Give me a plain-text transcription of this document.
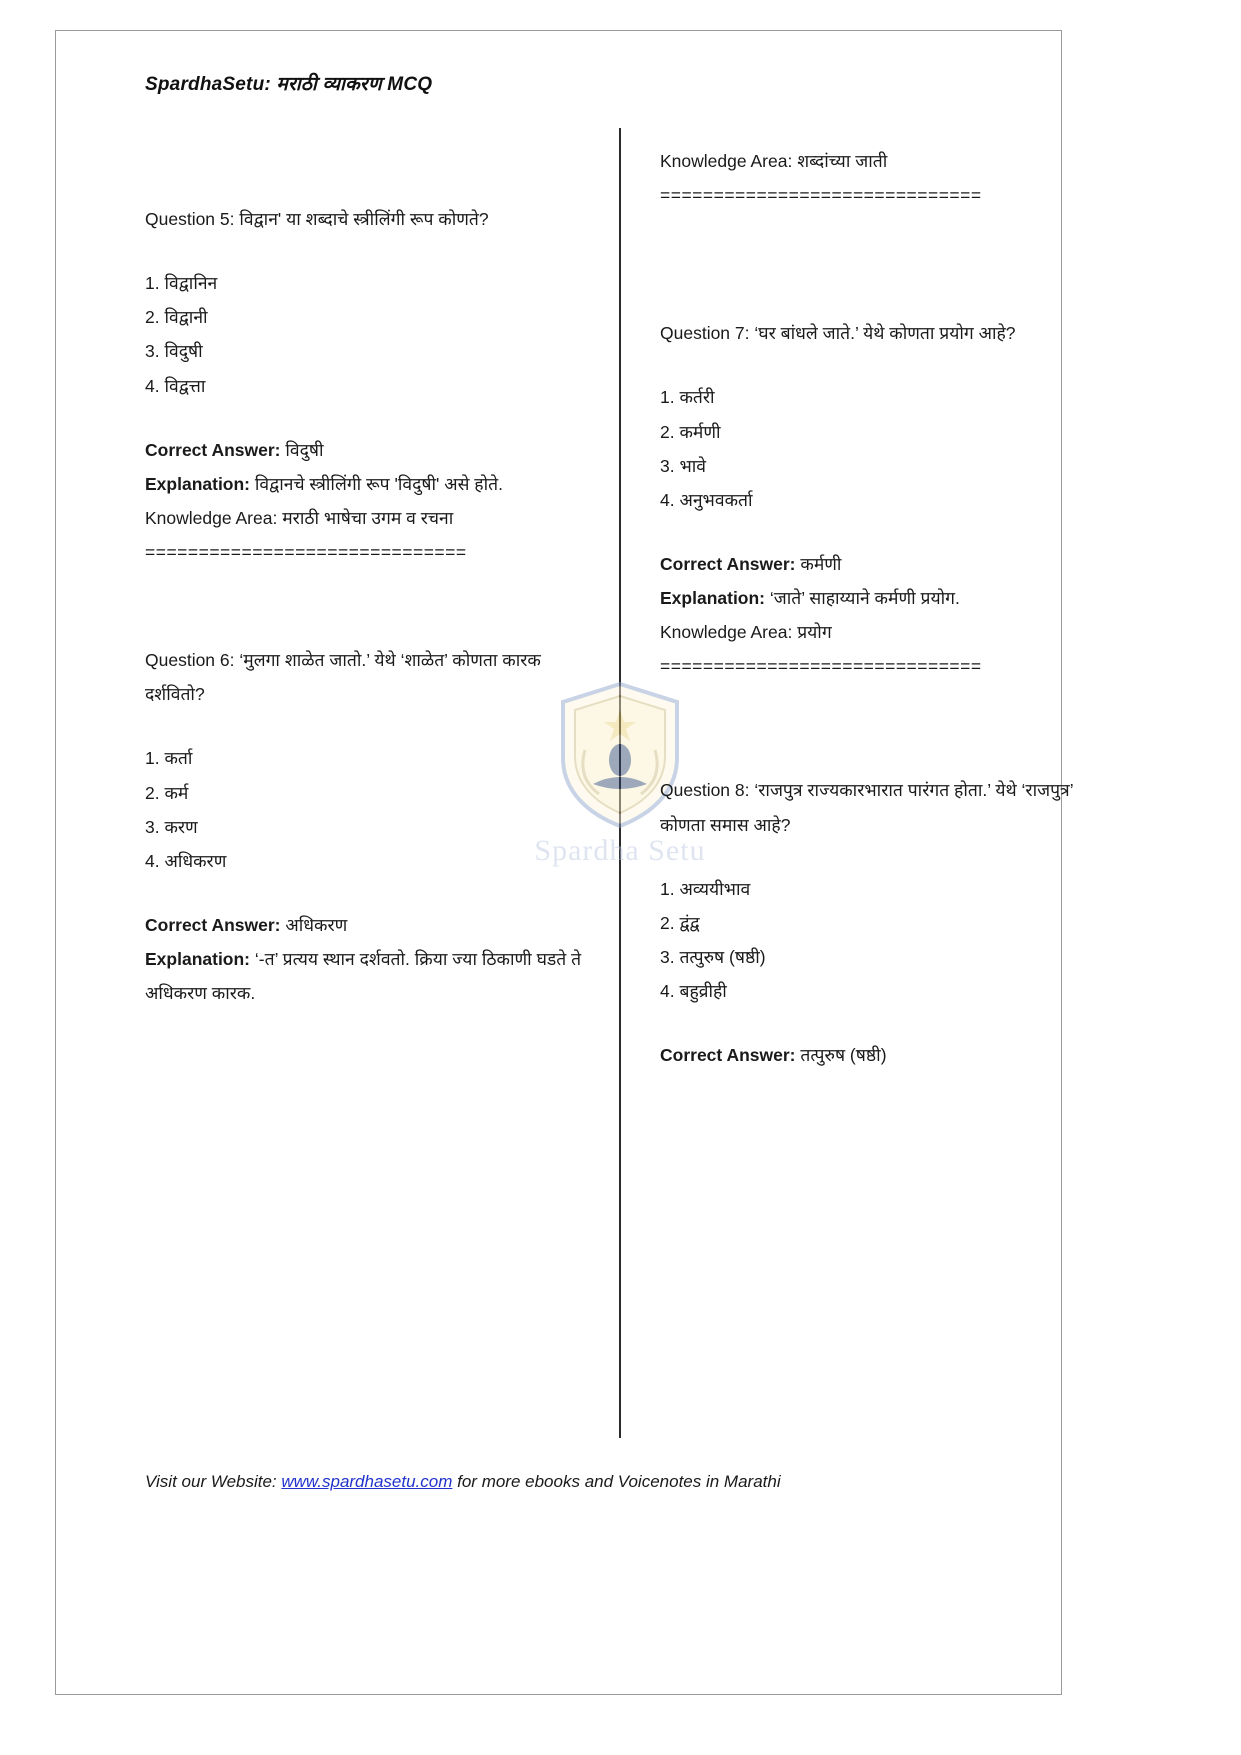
SpardhaSetu: मराठी व्याकरण MCQ
Spardha Setu
Question 5: विद्वान' या शब्दाचे स्त्रीलिंगी रूप कोणते?
1. विद्वानिन
2. विद्वानी
3. विदुषी
4. विद्वत्ता
Correct Answer: विदुषी
Explanation: विद्वानचे स्त्रीलिंगी रूप 'विदुषी' असे होते.
Knowledge Area: मराठी भाषेचा उगम व रचना
==============================
Question 6: ‘मुलगा शाळेत जातो.’ येथे ‘शाळेत’ कोणता कारक दर्शवितो?
1. कर्ता
2. कर्म
3. करण
4. अधिकरण
Correct Answer: अधिकरण
Explanation: ‘-त’ प्रत्यय स्थान दर्शवतो. क्रिया ज्या ठिकाणी घडते ते अधिकरण कारक.
Knowledge Area: शब्दांच्या जाती
==============================
Question 7: ‘घर बांधले जाते.’ येथे कोणता प्रयोग आहे?
1. कर्तरी
2. कर्मणी
3. भावे
4. अनुभवकर्ता
Correct Answer: कर्मणी
Explanation: ‘जाते’ साहाय्याने कर्मणी प्रयोग.
Knowledge Area: प्रयोग
==============================
Question 8: ‘राजपुत्र राज्यकारभारात पारंगत होता.’ येथे ‘राजपुत्र’ कोणता समास आहे?
1. अव्ययीभाव
2. द्वंद्व
3. तत्पुरुष (षष्ठी)
4. बहुव्रीही
Correct Answer: तत्पुरुष (षष्ठी)
Visit our Website: www.spardhasetu.com for more ebooks and Voicenotes in Marathi
